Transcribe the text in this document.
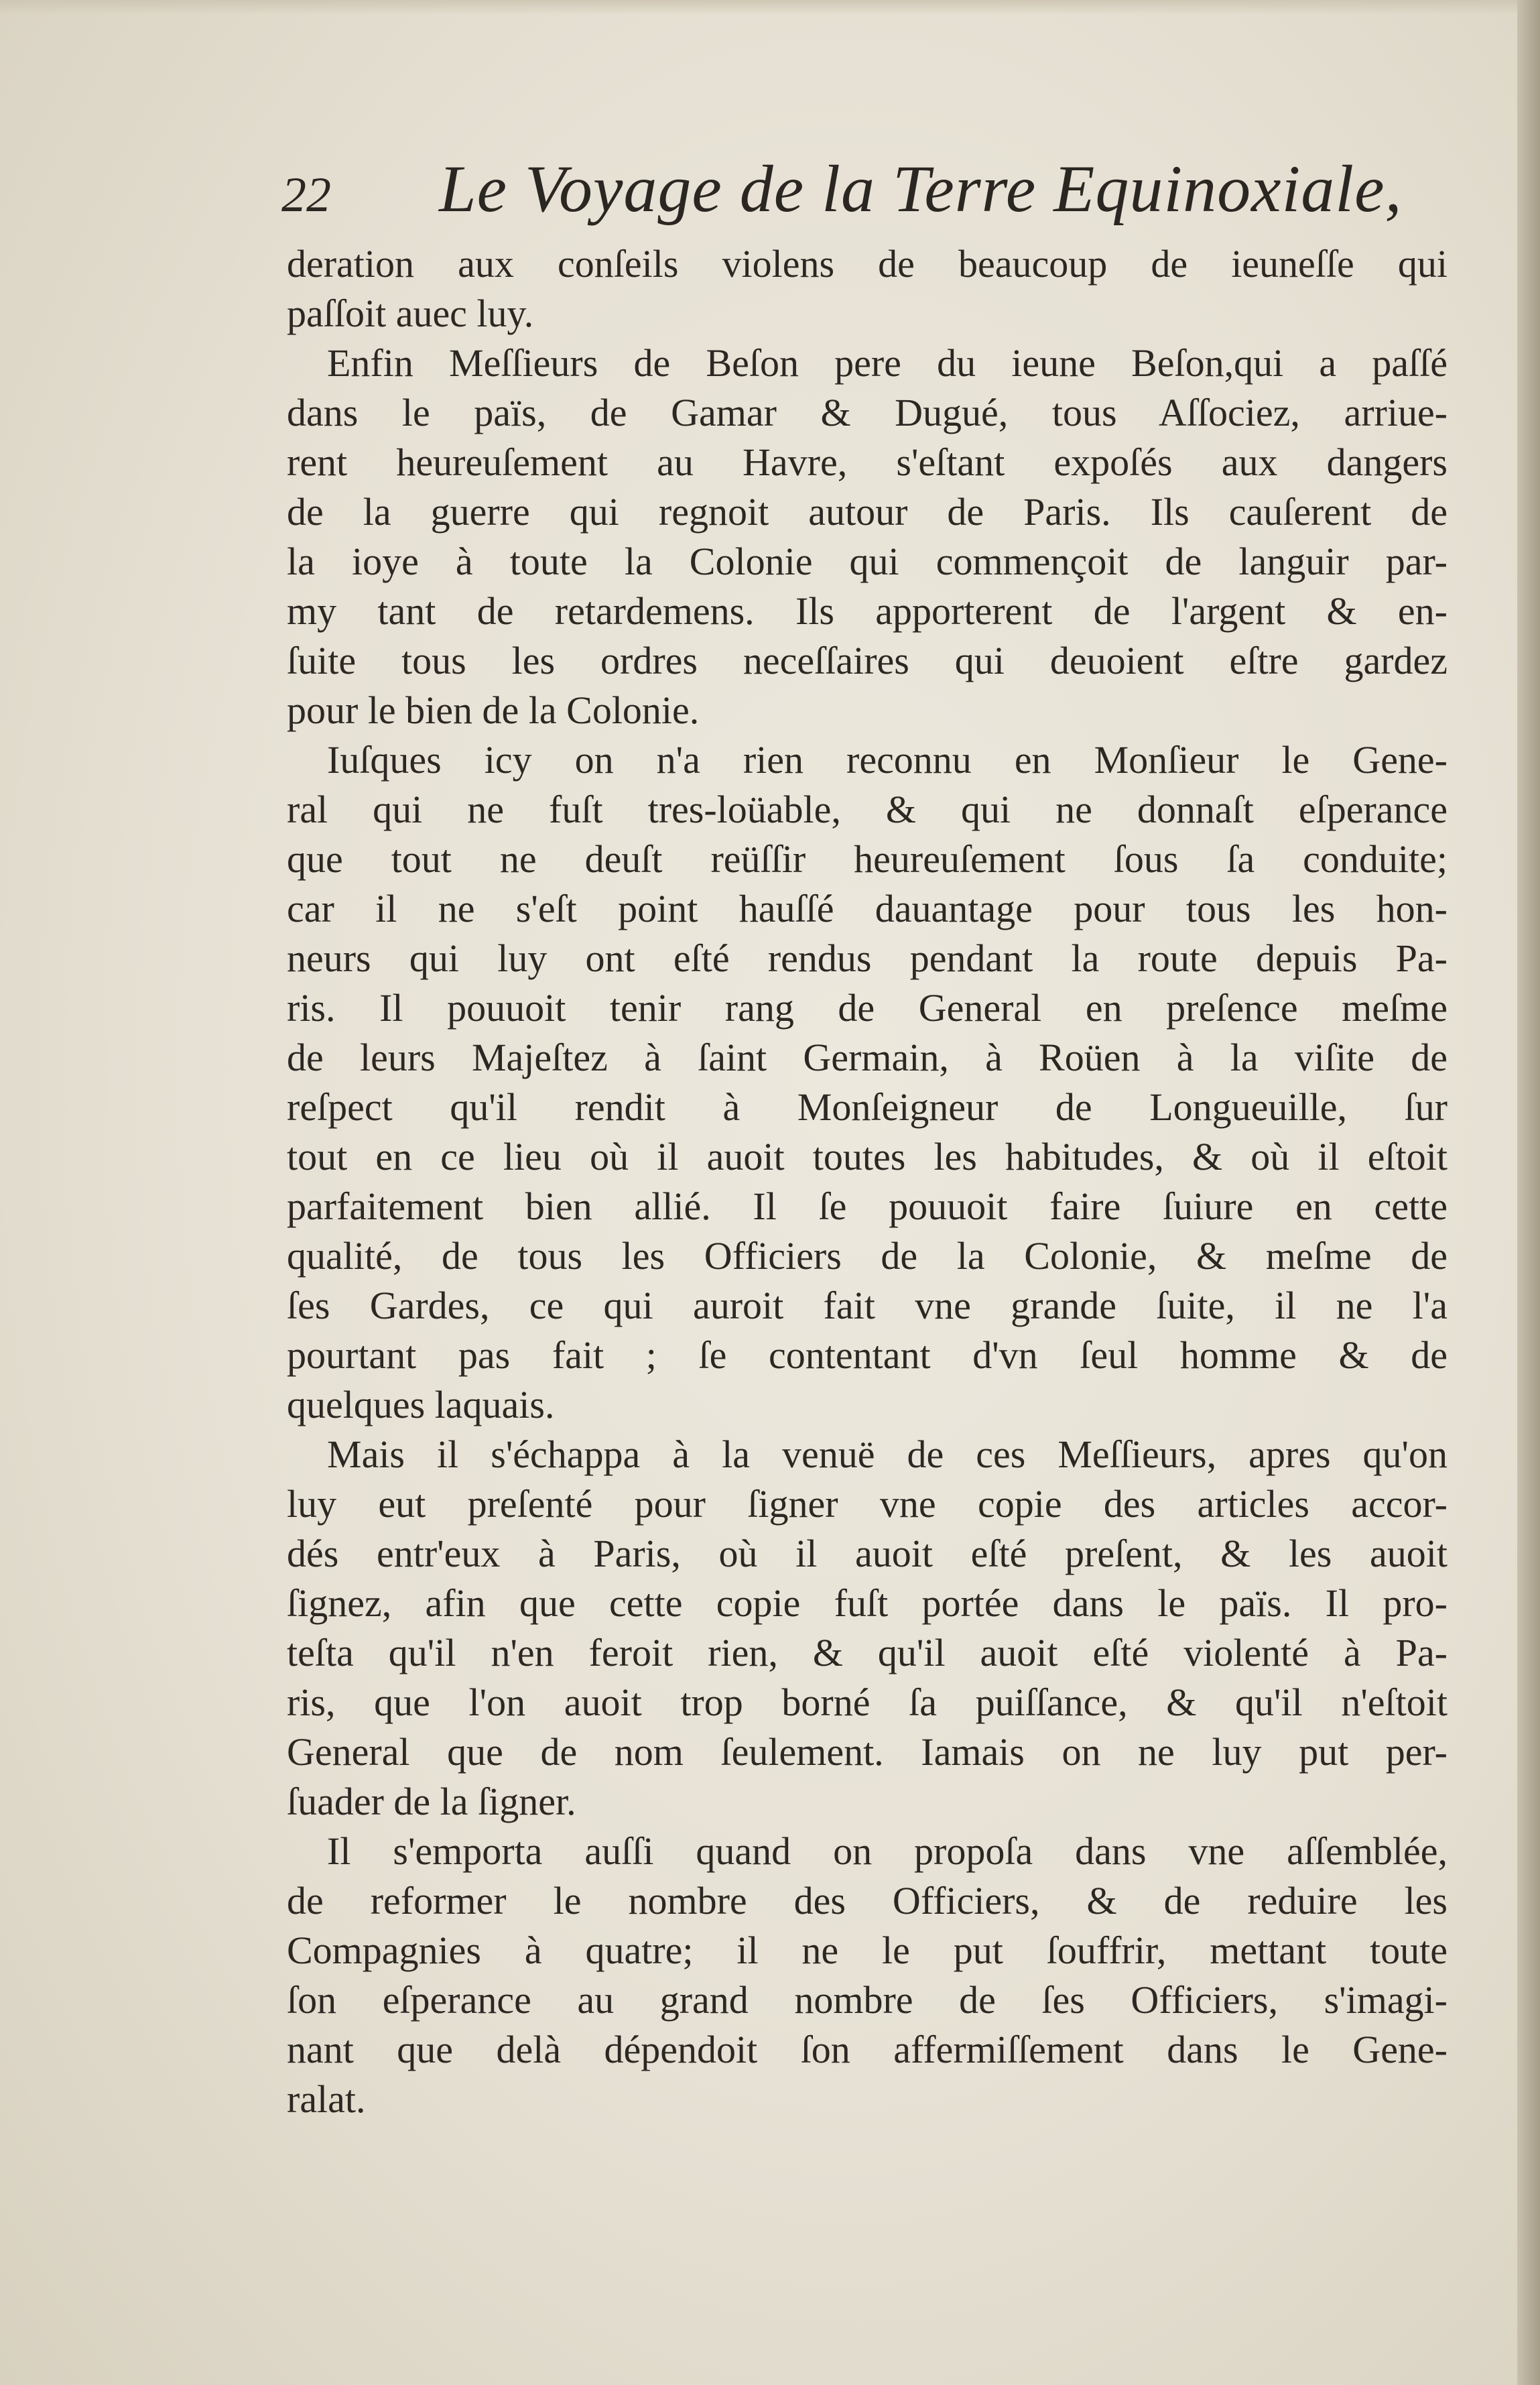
22 Le Voyage de la Terre Equinoxiale,
deration aux conſeils violens de beaucoup de ieuneſſe qui
paſſoit auec luy.
Enfin Meſſieurs de Beſon pere du ieune Beſon,qui a paſſé
dans le païs, de Gamar & Dugué, tous Aſſociez, arriue-
rent heureuſement au Havre, s'eſtant expoſés aux dangers
de la guerre qui regnoit autour de Paris. Ils cauſerent de
la ioye à toute la Colonie qui commençoit de languir par-
my tant de retardemens. Ils apporterent de l'argent & en-
ſuite tous les ordres neceſſaires qui deuoient eſtre gardez
pour le bien de la Colonie.
Iuſques icy on n'a rien reconnu en Monſieur le Gene-
ral qui ne fuſt tres-loüable, & qui ne donnaſt eſperance
que tout ne deuſt reüſſir heureuſement ſous ſa conduite;
car il ne s'eſt point hauſſé dauantage pour tous les hon-
neurs qui luy ont eſté rendus pendant la route depuis Pa-
ris. Il pouuoit tenir rang de General en preſence meſme
de leurs Majeſtez à ſaint Germain, à Roüen à la viſite de
reſpect qu'il rendit à Monſeigneur de Longueuille, ſur
tout en ce lieu où il auoit toutes les habitudes, & où il eſtoit
parfaitement bien allié. Il ſe pouuoit faire ſuiure en cette
qualité, de tous les Officiers de la Colonie, & meſme de
ſes Gardes, ce qui auroit fait vne grande ſuite, il ne l'a
pourtant pas fait ; ſe contentant d'vn ſeul homme & de
quelques laquais.
Mais il s'échappa à la venuë de ces Meſſieurs, apres qu'on
luy eut preſenté pour ſigner vne copie des articles accor-
dés entr'eux à Paris, où il auoit eſté preſent, & les auoit
ſignez, afin que cette copie fuſt portée dans le païs. Il pro-
teſta qu'il n'en feroit rien, & qu'il auoit eſté violenté à Pa-
ris, que l'on auoit trop borné ſa puiſſance, & qu'il n'eſtoit
General que de nom ſeulement. Iamais on ne luy put per-
ſuader de la ſigner.
Il s'emporta auſſi quand on propoſa dans vne aſſemblée,
de reformer le nombre des Officiers, & de reduire les
Compagnies à quatre; il ne le put ſouffrir, mettant toute
ſon eſperance au grand nombre de ſes Officiers, s'imagi-
nant que delà dépendoit ſon affermiſſement dans le Gene-
ralat.
